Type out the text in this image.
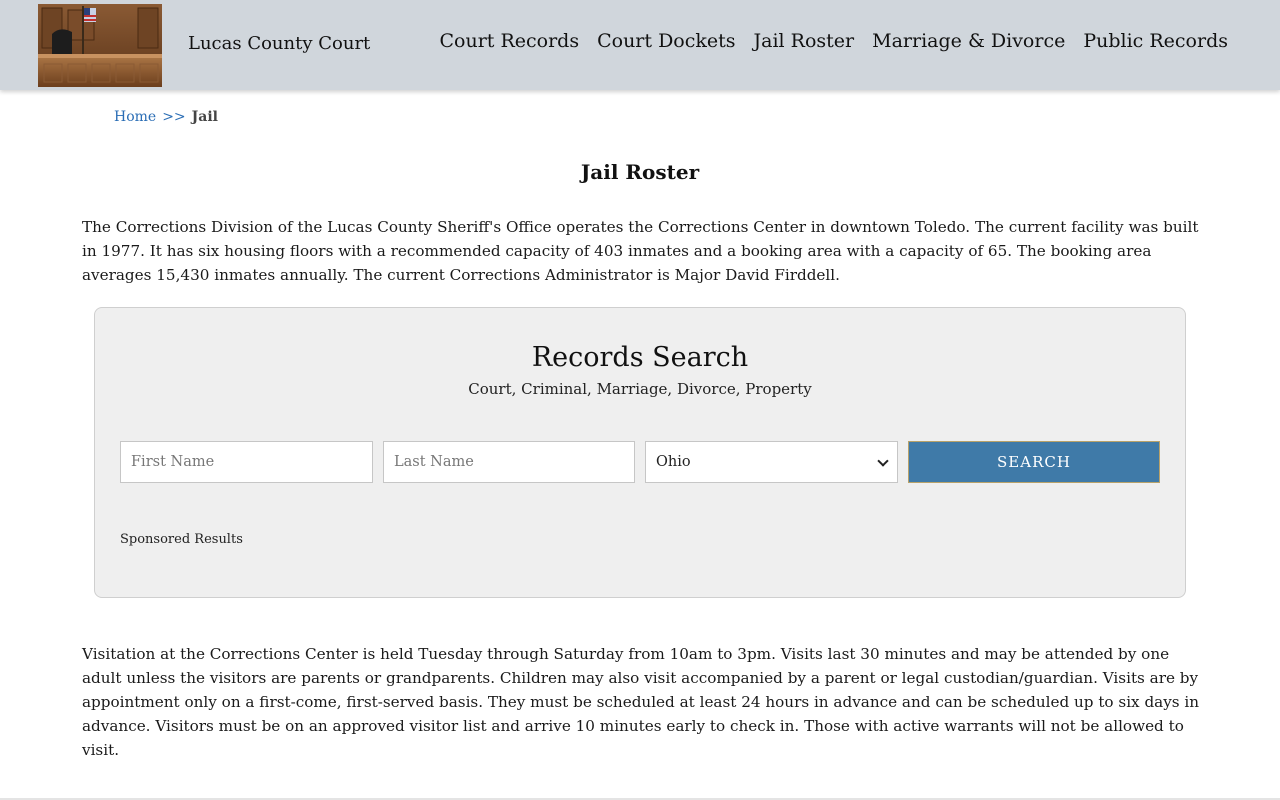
Lucas County Court	Court Records Court Dockets Jail Roster Marriage & Divorce Public Records
Home >> Jail
Jail Roster

The Corrections Division of the Lucas County Sheriff's Office operates the Corrections Center in downtown Toledo. The current facility was built in 1977. It has six housing floors with a recommended capacity of 403 inmates and a booking area with a capacity of 65. The booking area averages 15,430 inmates annually. The current Corrections Administrator is Major David Firddell.

Records Search
Court, Criminal, Marriage, Divorce, Property
First Name
Last Name
Ohio
SEARCH
Sponsored Results

Visitation at the Corrections Center is held Tuesday through Saturday from 10am to 3pm. Visits last 30 minutes and may be attended by one adult unless the visitors are parents or grandparents. Children may also visit accompanied by a parent or legal custodian/guardian. Visits are by appointment only on a first-come, first-served basis. They must be scheduled at least 24 hours in advance and can be scheduled up to six days in advance. Visitors must be on an approved visitor list and arrive 10 minutes early to check in. Those with active warrants will not be allowed to visit.
